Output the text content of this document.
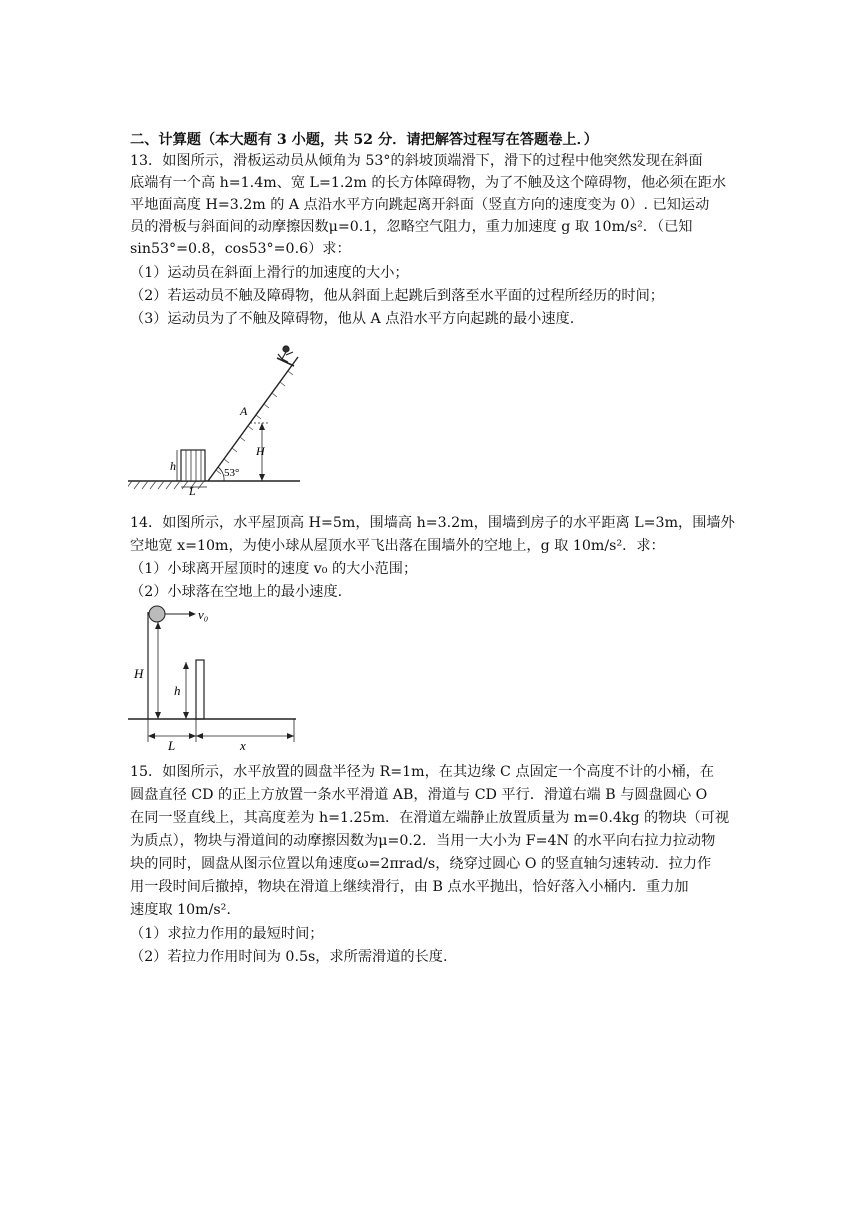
二、计算题（本大题有 3 小题，共 52 分．请把解答过程写在答题卷上．）
13．如图所示，滑板运动员从倾角为 53°的斜坡顶端滑下，滑下的过程中他突然发现在斜面
底端有一个高 h=1.4m、宽 L=1.2m 的长方体障碍物，为了不触及这个障碍物，他必须在距水
平地面高度 H=3.2m 的 A 点沿水平方向跳起离开斜面（竖直方向的速度变为 0）. 已知运动
员的滑板与斜面间的动摩擦因数μ=0.1，忽略空气阻力，重力加速度 g 取 10m/s²．（已知
sin53°=0.8，cos53°=0.6）求：
（1）运动员在斜面上滑行的加速度的大小；
（2）若运动员不触及障碍物，他从斜面上起跳后到落至水平面的过程所经历的时间；
（3）运动员为了不触及障碍物，他从 A 点沿水平方向起跳的最小速度.
h
L
53°
A
H
14．如图所示，水平屋顶高 H=5m，围墙高 h=3.2m，围墙到房子的水平距离 L=3m，围墙外
空地宽 x=10m，为使小球从屋顶水平飞出落在围墙外的空地上，g 取 10m/s²．求：
（1）小球离开屋顶时的速度 v₀ 的大小范围；
（2）小球落在空地上的最小速度.
v₀
H
h
L	x
15．如图所示，水平放置的圆盘半径为 R=1m，在其边缘 C 点固定一个高度不计的小桶，在
圆盘直径 CD 的正上方放置一条水平滑道 AB，滑道与 CD 平行．滑道右端 B 与圆盘圆心 O
在同一竖直线上，其高度差为 h=1.25m．在滑道左端静止放置质量为 m=0.4kg 的物块（可视
为质点），物块与滑道间的动摩擦因数为μ=0.2．当用一大小为 F=4N 的水平向右拉力拉动物
块的同时，圆盘从图示位置以角速度ω=2πrad/s，绕穿过圆心 O 的竖直轴匀速转动．拉力作
用一段时间后撤掉，物块在滑道上继续滑行，由 B 点水平抛出，恰好落入小桶内．重力加
速度取 10m/s².
（1）求拉力作用的最短时间；
（2）若拉力作用时间为 0.5s，求所需滑道的长度.
